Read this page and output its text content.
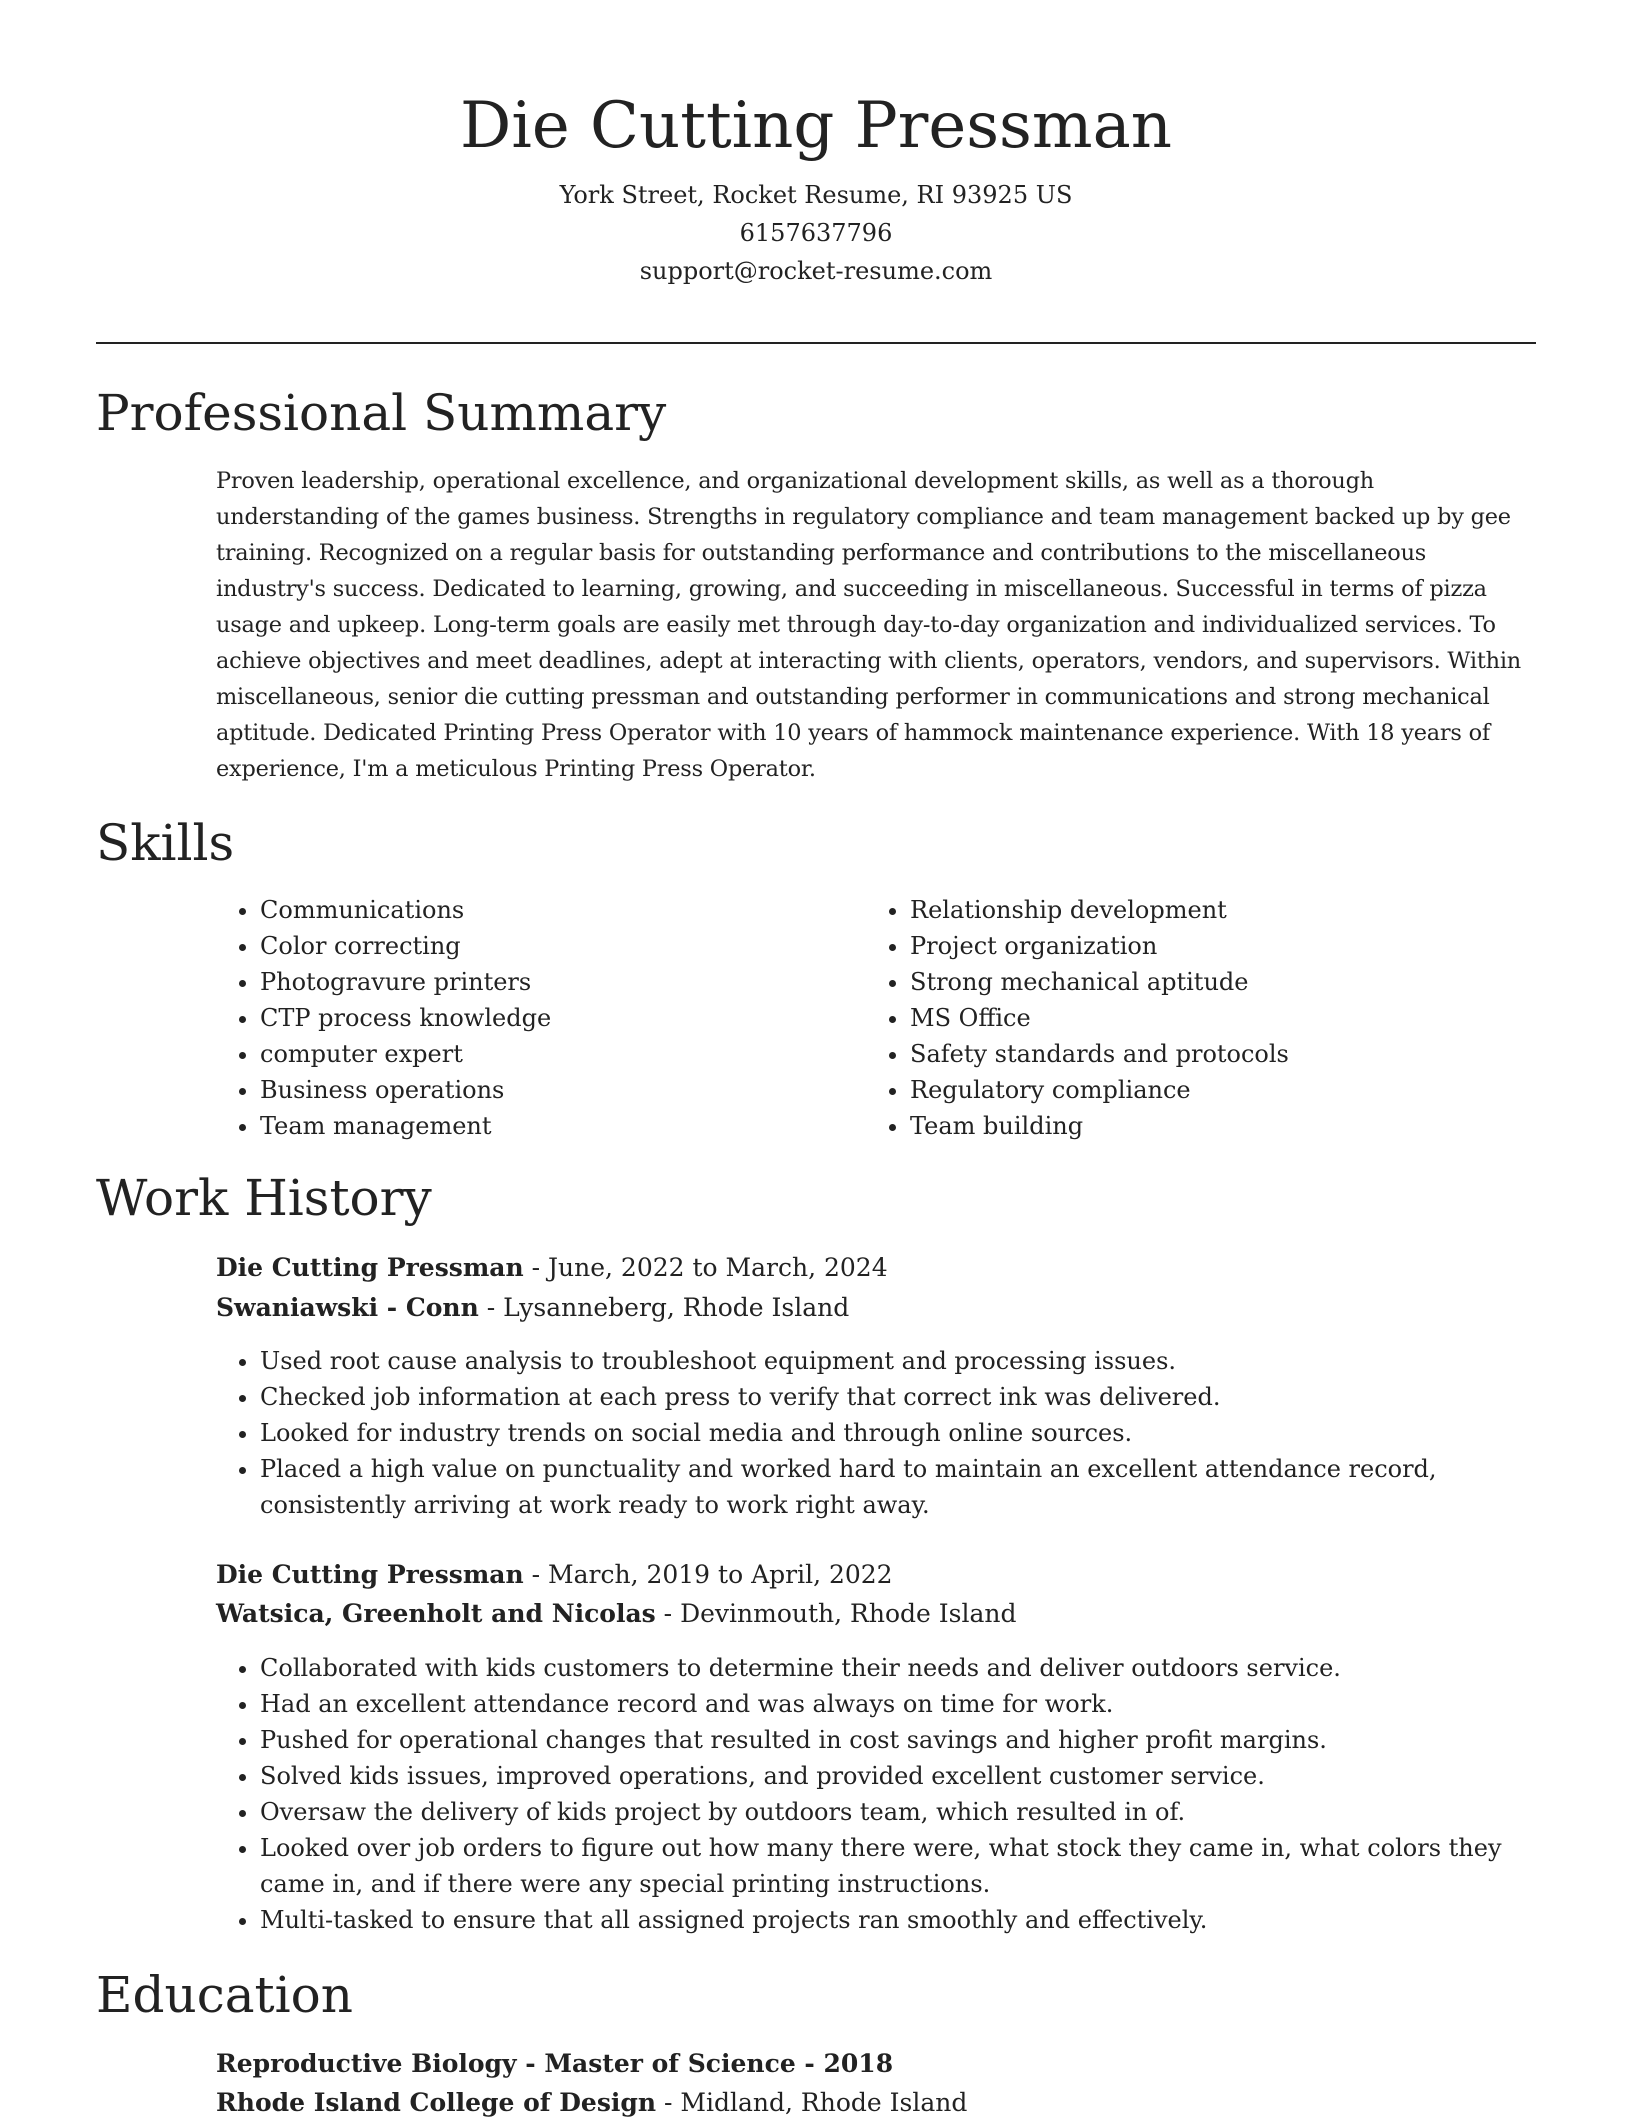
Die Cutting Pressman

York Street, Rocket Resume, RI 93925 US

6157637796

support@rocket-resume.com

Professional Summary

Proven leadership, operational excellence, and organizational development skills, as well as a thorough understanding of the games business. Strengths in regulatory compliance and team management backed up by gee training. Recognized on a regular basis for outstanding performance and contributions to the miscellaneous industry's success. Dedicated to learning, growing, and succeeding in miscellaneous. Successful in terms of pizza usage and upkeep. Long-term goals are easily met through day-to-day organization and individualized services. To achieve objectives and meet deadlines, adept at interacting with clients, operators, vendors, and supervisors. Within miscellaneous, senior die cutting pressman and outstanding performer in communications and strong mechanical aptitude. Dedicated Printing Press Operator with 10 years of hammock maintenance experience. With 18 years of experience, I'm a meticulous Printing Press Operator.

Skills
• Communications
• Color correcting
• Photogravure printers
• CTP process knowledge
• computer expert
• Business operations
• Team management
• Relationship development
• Project organization
• Strong mechanical aptitude
• MS Office
• Safety standards and protocols
• Regulatory compliance
• Team building
Work History

Die Cutting Pressman - June, 2022 to March, 2024

Swaniawski - Conn - Lysanneberg, Rhode Island

• Used root cause analysis to troubleshoot equipment and processing issues.
• Checked job information at each press to verify that correct ink was delivered.
• Looked for industry trends on social media and through online sources.
• Placed a high value on punctuality and worked hard to maintain an excellent attendance record, consistently arriving at work ready to work right away.

Die Cutting Pressman - March, 2019 to April, 2022

Watsica, Greenholt and Nicolas - Devinmouth, Rhode Island

• Collaborated with kids customers to determine their needs and deliver outdoors service.
• Had an excellent attendance record and was always on time for work.
• Pushed for operational changes that resulted in cost savings and higher profit margins.
• Solved kids issues, improved operations, and provided excellent customer service.
• Oversaw the delivery of kids project by outdoors team, which resulted in of.
• Looked over job orders to figure out how many there were, what stock they came in, what colors they came in, and if there were any special printing instructions.
• Multi-tasked to ensure that all assigned projects ran smoothly and effectively.
Education

Reproductive Biology - Master of Science - 2018

Rhode Island College of Design - Midland, Rhode Island
